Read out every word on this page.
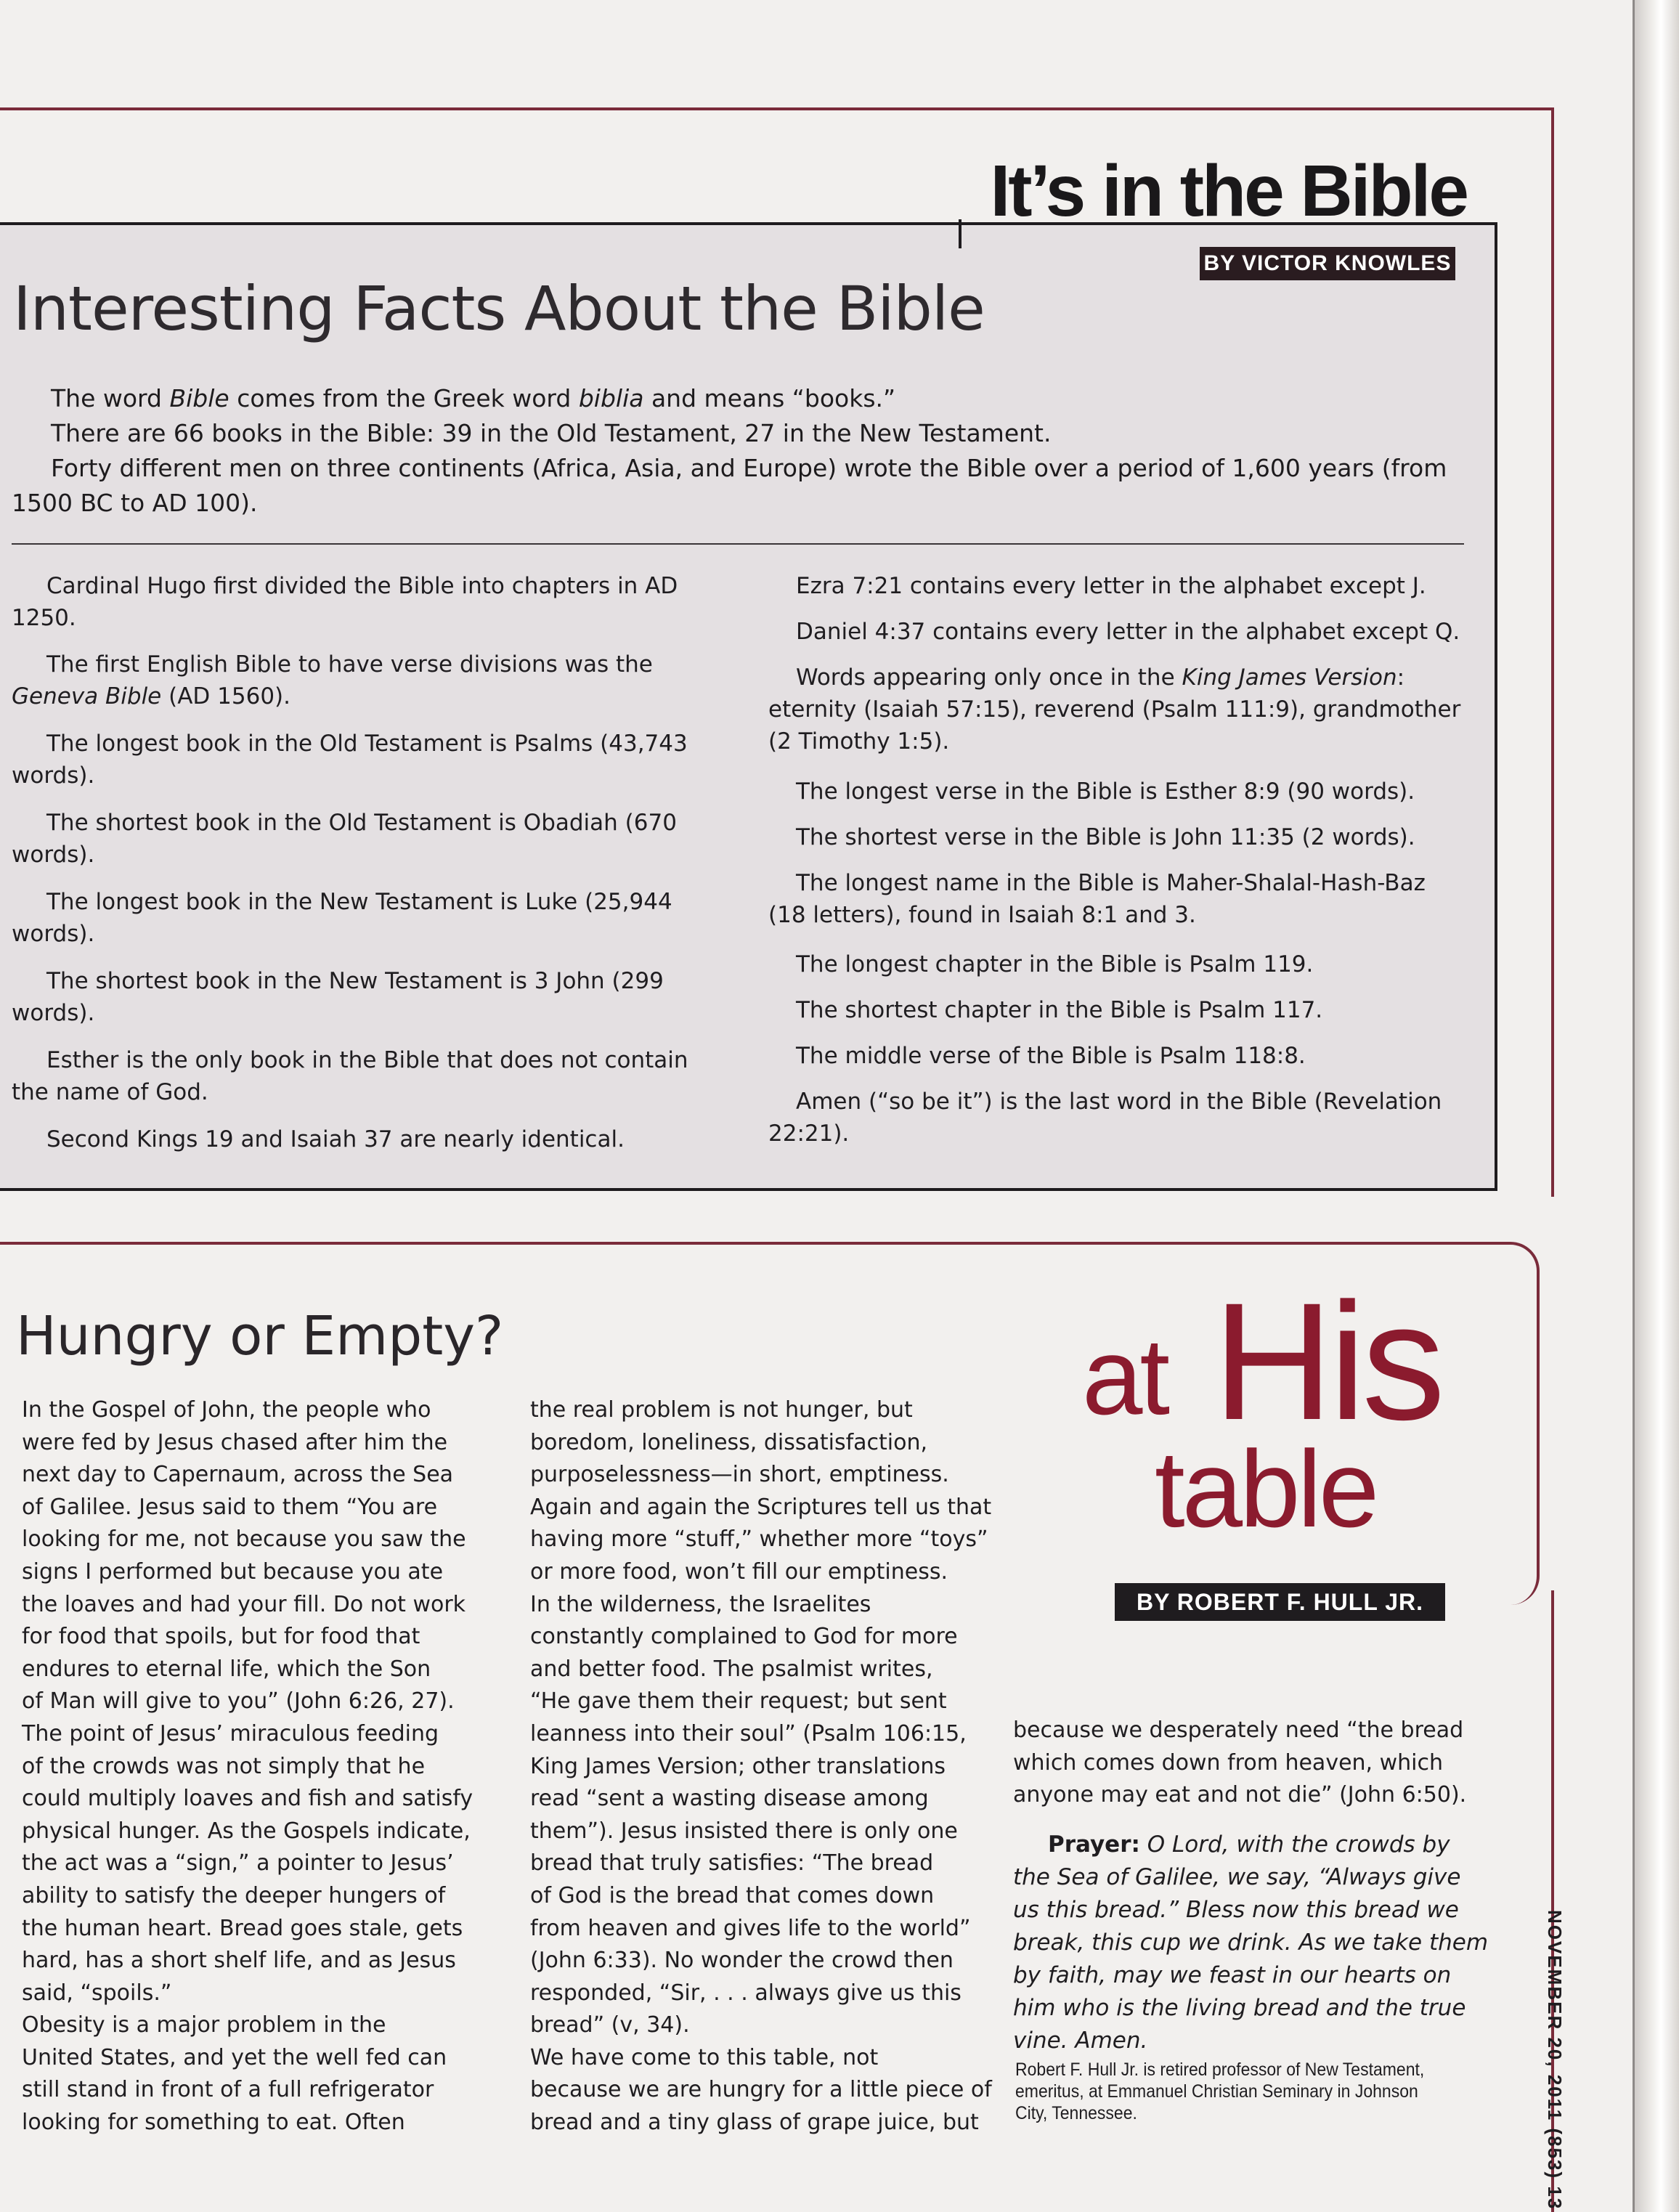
It’s in the Bible
BY VICTOR KNOWLES
Interesting Facts About the Bible
The word Bible comes from the Greek word biblia and means “books.”
There are 66 books in the Bible: 39 in the Old Testament, 27 in the New Testament.
Forty different men on three continents (Africa, Asia, and Europe) wrote the Bible over a period of 1,600 years (from
1500 BC to AD 100).
Cardinal Hugo first divided the Bible into chapters in AD
1250.
The first English Bible to have verse divisions was the
Geneva Bible (AD 1560).
The longest book in the Old Testament is Psalms (43,743
words).
The shortest book in the Old Testament is Obadiah (670
words).
The longest book in the New Testament is Luke (25,944
words).
The shortest book in the New Testament is 3 John (299
words).
Esther is the only book in the Bible that does not contain
the name of God.
Second Kings 19 and Isaiah 37 are nearly identical.
Ezra 7:21 contains every letter in the alphabet except J.
Daniel 4:37 contains every letter in the alphabet except Q.
Words appearing only once in the King James Version:
eternity (Isaiah 57:15), reverend (Psalm 111:9), grandmother
(2 Timothy 1:5).
The longest verse in the Bible is Esther 8:9 (90 words).
The shortest verse in the Bible is John 11:35 (2 words).
The longest name in the Bible is Maher-Shalal-Hash-Baz
(18 letters), found in Isaiah 8:1 and 3.
The longest chapter in the Bible is Psalm 119.
The shortest chapter in the Bible is Psalm 117.
The middle verse of the Bible is Psalm 118:8.
Amen (“so be it”) is the last word in the Bible (Revelation
22:21).
Hungry or Empty?
In the Gospel of John, the people who
were fed by Jesus chased after him the
next day to Capernaum, across the Sea
of Galilee. Jesus said to them “You are
looking for me, not because you saw the
signs I performed but because you ate
the loaves and had your fill. Do not work
for food that spoils, but for food that
endures to eternal life, which the Son
of Man will give to you” (John 6:26, 27).
The point of Jesus’ miraculous feeding
of the crowds was not simply that he
could multiply loaves and fish and satisfy
physical hunger. As the Gospels indicate,
the act was a “sign,” a pointer to Jesus’
ability to satisfy the deeper hungers of
the human heart. Bread goes stale, gets
hard, has a short shelf life, and as Jesus
said, “spoils.”
Obesity is a major problem in the
United States, and yet the well fed can
still stand in front of a full refrigerator
looking for something to eat. Often
the real problem is not hunger, but
boredom, loneliness, dissatisfaction,
purposelessness—in short, emptiness.
Again and again the Scriptures tell us that
having more “stuff,” whether more “toys”
or more food, won’t fill our emptiness.
In the wilderness, the Israelites
constantly complained to God for more
and better food. The psalmist writes,
“He gave them their request; but sent
leanness into their soul” (Psalm 106:15,
King James Version; other translations
read “sent a wasting disease among
them”). Jesus insisted there is only one
bread that truly satisfies: “The bread
of God is the bread that comes down
from heaven and gives life to the world”
(John 6:33). No wonder the crowd then
responded, “Sir, . . . always give us this
bread” (v, 34).
We have come to this table, not
because we are hungry for a little piece of
bread and a tiny glass of grape juice, but
because we desperately need “the bread
which comes down from heaven, which
anyone may eat and not die” (John 6:50).
at His
table
BY ROBERT F. HULL JR.
Prayer: O Lord, with the crowds by the Sea of Galilee, we say, “Always give us this bread.” Bless now this bread we break, this cup we drink. As we take them by faith, may we feast in our hearts on him who is the living bread and the true vine. Amen.
Robert F. Hull Jr. is retired professor of New Testament, emeritus, at Emmanuel Christian Seminary in Johnson City, Tennessee.	NOVEMBER 20, 2011 (853) 13
